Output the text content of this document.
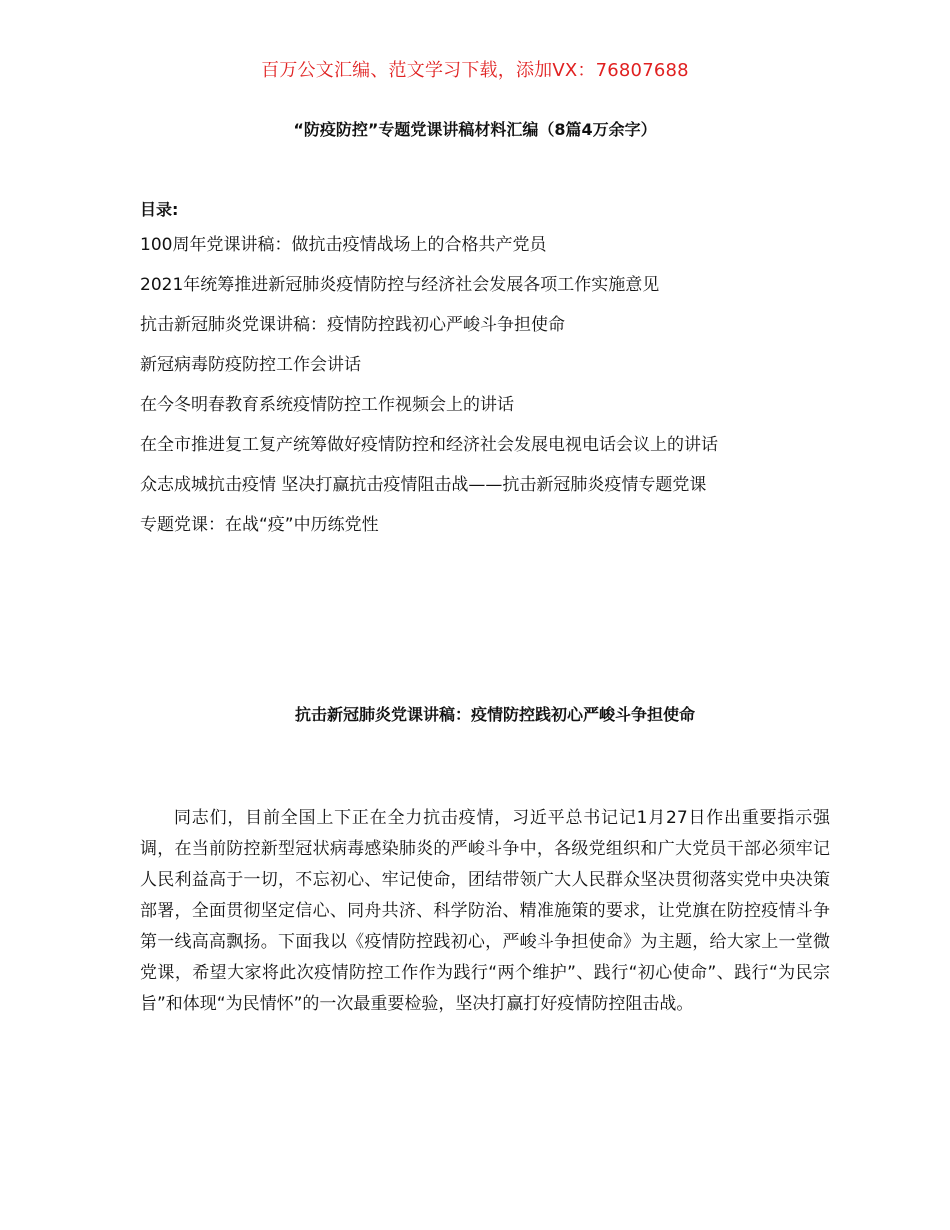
百万公文汇编、范文学习下载，添加VX：76807688
“防疫防控”专题党课讲稿材料汇编（8篇4万余字）
目录:
100周年党课讲稿：做抗击疫情战场上的合格共产党员
2021年统筹推进新冠肺炎疫情防控与经济社会发展各项工作实施意见
抗击新冠肺炎党课讲稿：疫情防控践初心严峻斗争担使命
新冠病毒防疫防控工作会讲话
在今冬明春教育系统疫情防控工作视频会上的讲话
在全市推进复工复产统筹做好疫情防控和经济社会发展电视电话会议上的讲话
众志成城抗击疫情 坚决打赢抗击疫情阻击战——抗击新冠肺炎疫情专题党课
专题党课：在战“疫”中历练党性
抗击新冠肺炎党课讲稿：疫情防控践初心严峻斗争担使命

同志们，目前全国上下正在全力抗击疫情，习近平总书记记1月27日作出重要指示强调，在当前防控新型冠状病毒感染肺炎的严峻斗争中，各级党组织和广大党员干部必须牢记人民利益高于一切，不忘初心、牢记使命，团结带领广大人民群众坚决贯彻落实党中央决策部署，全面贯彻坚定信心、同舟共济、科学防治、精准施策的要求，让党旗在防控疫情斗争第一线高高飘扬。下面我以《疫情防控践初心，严峻斗争担使命》为主题，给大家上一堂微党课，希望大家将此次疫情防控工作作为践行“两个维护”、践行“初心使命”、践行“为民宗旨”和体现“为民情怀”的一次最重要检验，坚决打赢打好疫情防控阻击战。
